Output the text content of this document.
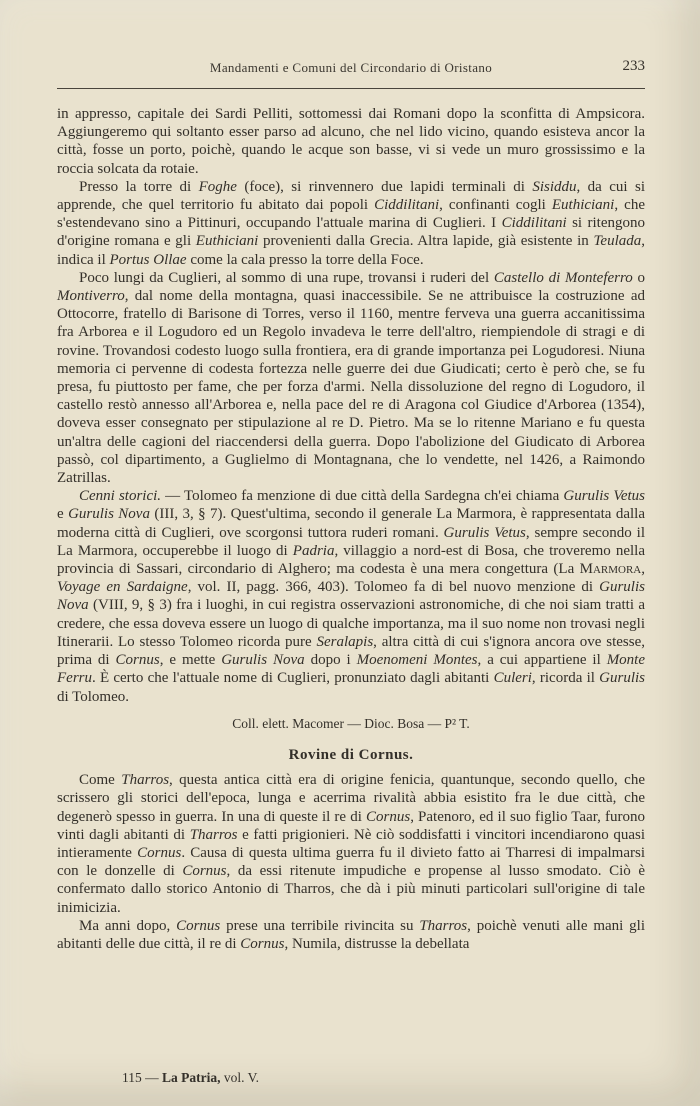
Mandamenti e Comuni del Circondario di Oristano	233

in appresso, capitale dei Sardi Pelliti, sottomessi dai Romani dopo la sconfitta di Ampsicora. Aggiungeremo qui soltanto esser parso ad alcuno, che nel lido vicino, quando esisteva ancor la città, fosse un porto, poichè, quando le acque son basse, vi si vede un muro grossissimo e la roccia solcata da rotaie.

Presso la torre di Foghe (foce), si rinvennero due lapidi terminali di Sisiddu, da cui si apprende, che quel territorio fu abitato dai popoli Ciddilitani, confinanti cogli Euthiciani, che s'estendevano sino a Pittinuri, occupando l'attuale marina di Cuglieri. I Ciddilitani si ritengono d'origine romana e gli Euthiciani provenienti dalla Grecia. Altra lapide, già esistente in Teulada, indica il Portus Ollae come la cala presso la torre della Foce.

Poco lungi da Cuglieri, al sommo di una rupe, trovansi i ruderi del Castello di Monteferro o Montiverro, dal nome della montagna, quasi inaccessibile. Se ne attribuisce la costruzione ad Ottocorre, fratello di Barisone di Torres, verso il 1160, mentre ferveva una guerra accanitissima fra Arborea e il Logudoro ed un Regolo invadeva le terre dell'altro, riempiendole di stragi e di rovine. Trovandosi codesto luogo sulla frontiera, era di grande importanza pei Logudoresi. Niuna memoria ci pervenne di codesta fortezza nelle guerre dei due Giudicati; certo è però che, se fu presa, fu piuttosto per fame, che per forza d'armi. Nella dissoluzione del regno di Logudoro, il castello restò annesso all'Arborea e, nella pace del re di Aragona col Giudice d'Arborea (1354), doveva esser consegnato per stipulazione al re D. Pietro. Ma se lo ritenne Mariano e fu questa un'altra delle cagioni del riaccendersi della guerra. Dopo l'abolizione del Giudicato di Arborea passò, col dipartimento, a Guglielmo di Montagnana, che lo vendette, nel 1426, a Raimondo Zatrillas.

Cenni storici. — Tolomeo fa menzione di due città della Sardegna ch'ei chiama Gurulis Vetus e Gurulis Nova (III, 3, § 7). Quest'ultima, secondo il generale La Marmora, è rappresentata dalla moderna città di Cuglieri, ove scorgonsi tuttora ruderi romani. Gurulis Vetus, sempre secondo il La Marmora, occuperebbe il luogo di Padria, villaggio a nord-est di Bosa, che troveremo nella provincia di Sassari, circondario di Alghero; ma codesta è una mera congettura (La Marmora, Voyage en Sardaigne, vol. II, pagg. 366, 403). Tolomeo fa di bel nuovo menzione di Gurulis Nova (VIII, 9, § 3) fra i luoghi, in cui registra osservazioni astronomiche, di che noi siam tratti a credere, che essa doveva essere un luogo di qualche importanza, ma il suo nome non trovasi negli Itinerarii. Lo stesso Tolomeo ricorda pure Seralapis, altra città di cui s'ignora ancora ove stesse, prima di Cornus, e mette Gurulis Nova dopo i Moenomeni Montes, a cui appartiene il Monte Ferru. È certo che l'attuale nome di Cuglieri, pronunziato dagli abitanti Culeri, ricorda il Gurulis di Tolomeo.

Coll. elett. Macomer — Dioc. Bosa — P² T.

Rovine di Cornus.

Come Tharros, questa antica città era di origine fenicia, quantunque, secondo quello, che scrissero gli storici dell'epoca, lunga e acerrima rivalità abbia esistito fra le due città, che degenerò spesso in guerra. In una di queste il re di Cornus, Patenoro, ed il suo figlio Taar, furono vinti dagli abitanti di Tharros e fatti prigionieri. Nè ciò soddisfatti i vincitori incendiarono quasi intieramente Cornus. Causa di questa ultima guerra fu il divieto fatto ai Tharresi di impalmarsi con le donzelle di Cornus, da essi ritenute impudiche e propense al lusso smodato. Ciò è confermato dallo storico Antonio di Tharros, che dà i più minuti particolari sull'origine di tale inimicizia.

Ma anni dopo, Cornus prese una terribile rivincita su Tharros, poichè venuti alle mani gli abitanti delle due città, il re di Cornus, Numila, distrusse la debellata

115 — La Patria, vol. V.
